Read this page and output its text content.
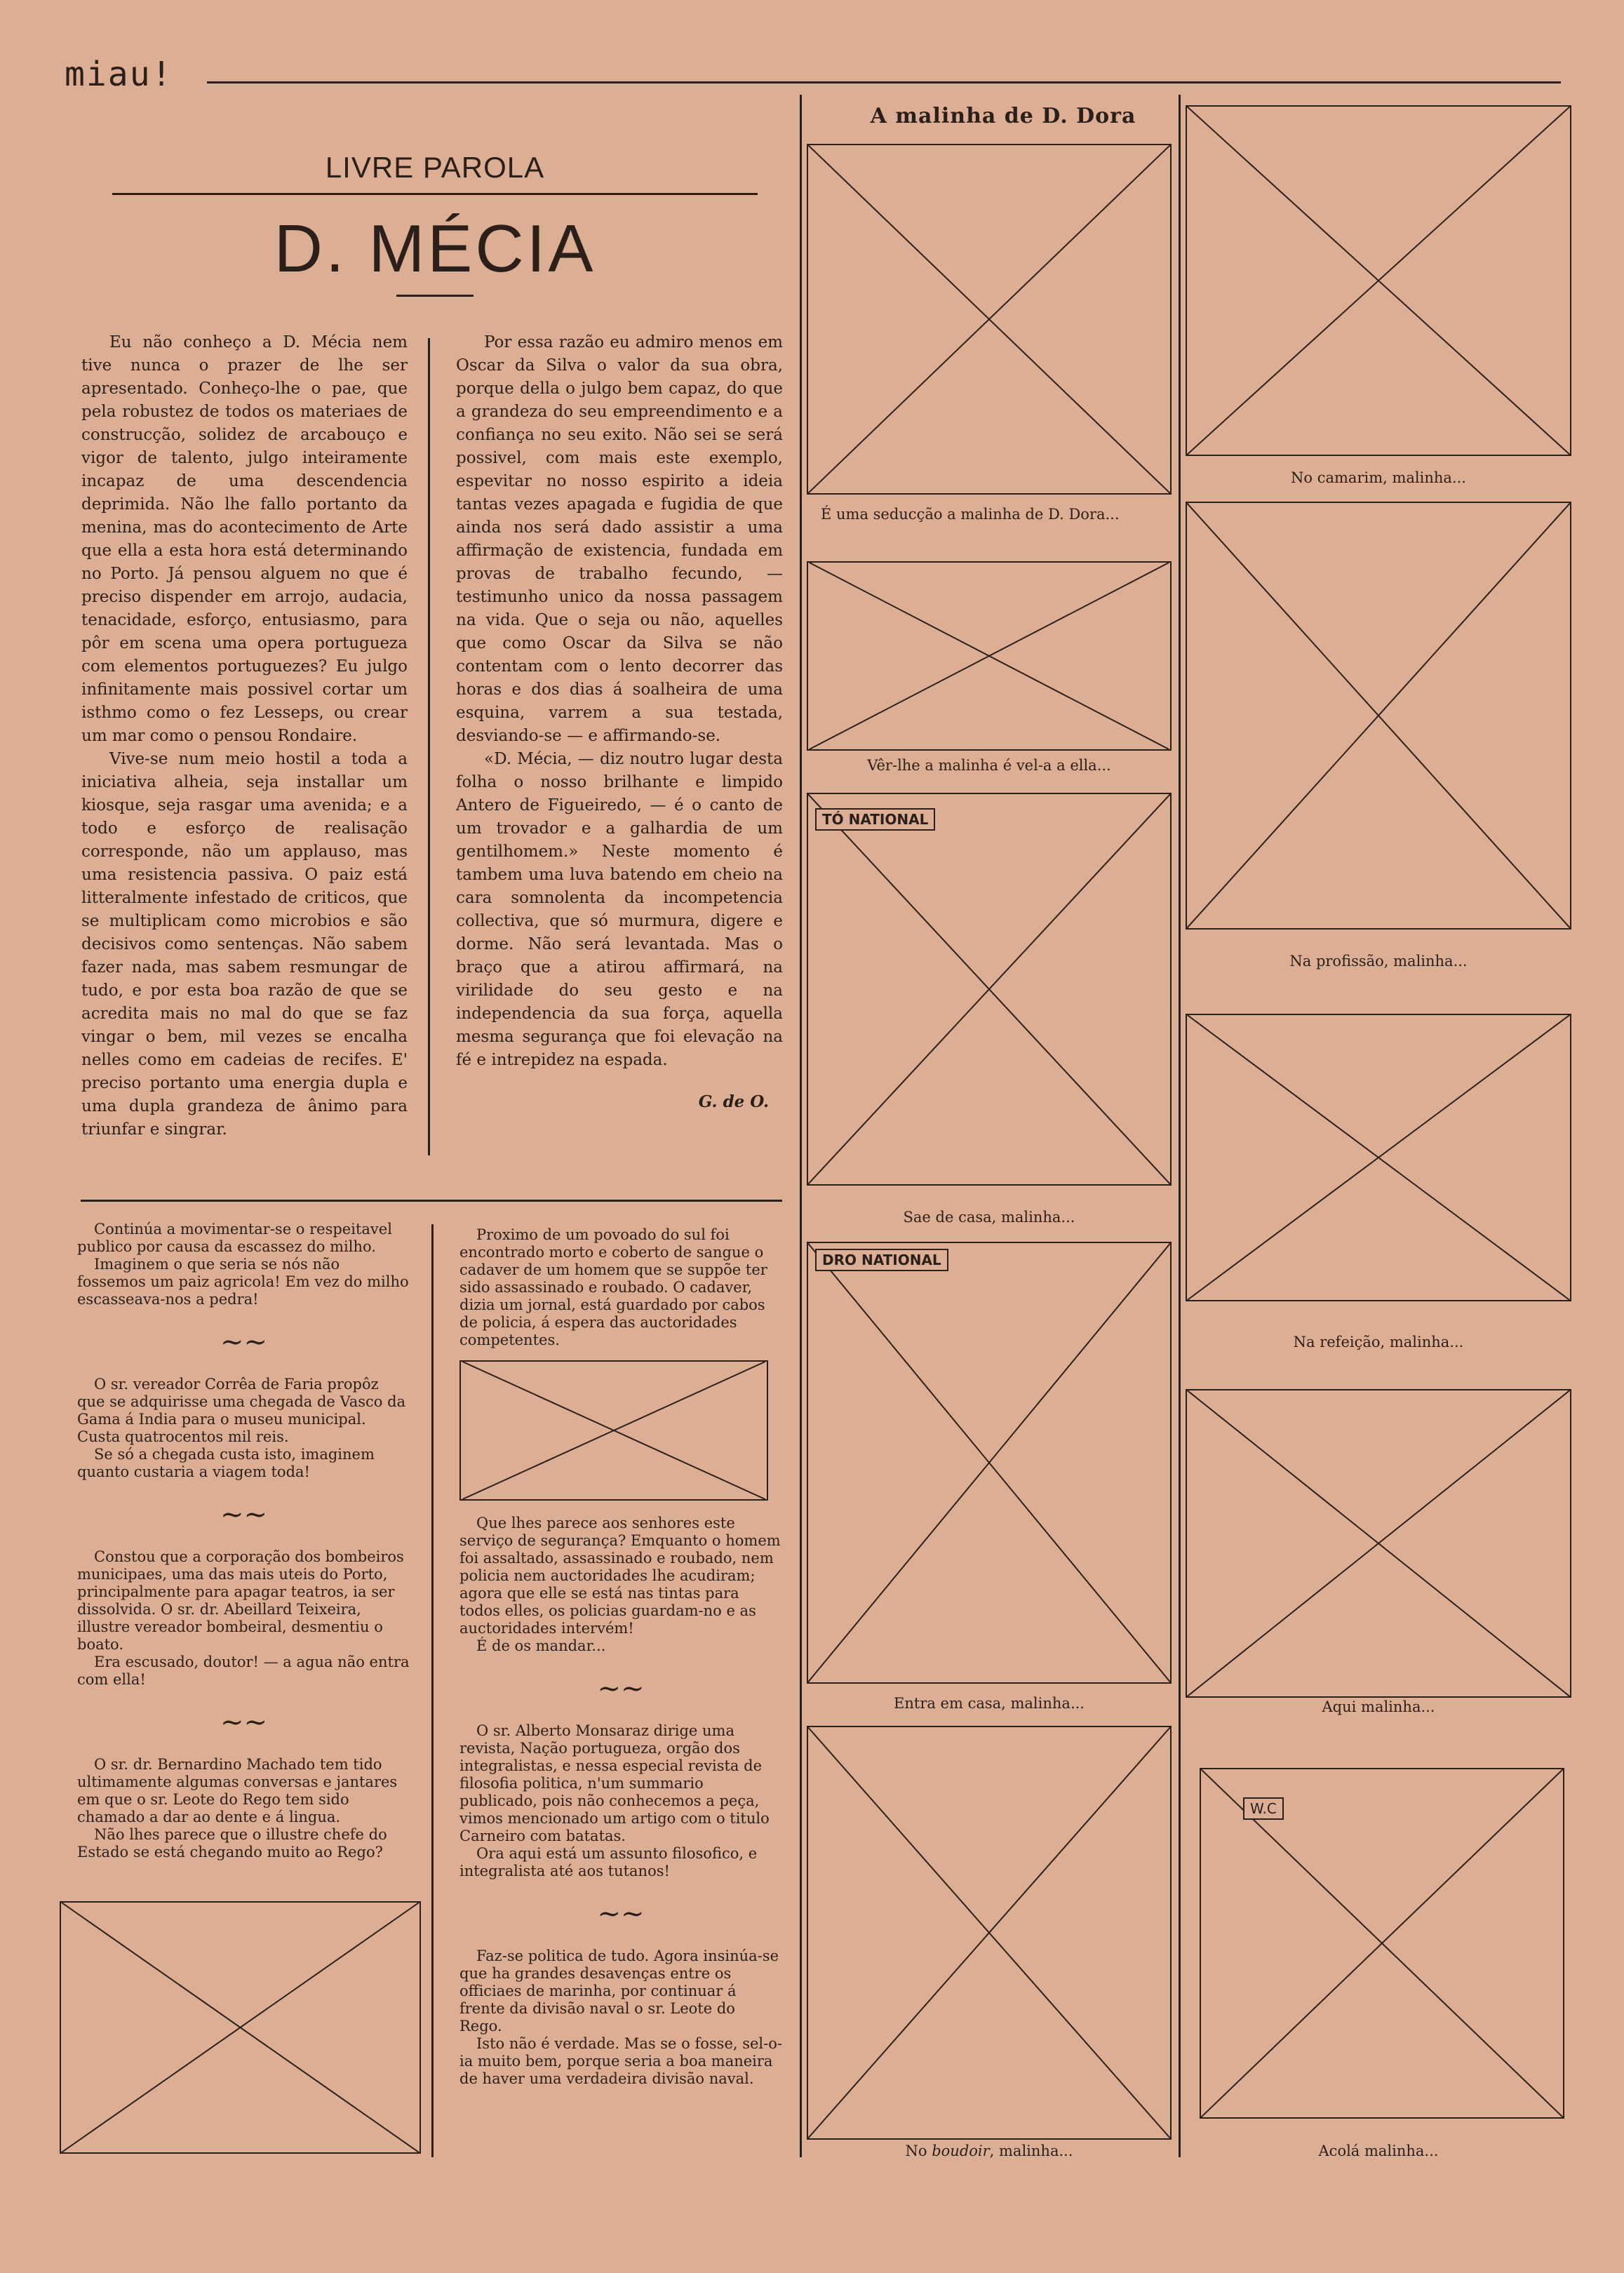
miau!
LIVRE PAROLA
D. MÉCIA

Eu não conheço a D. Mécia nem tive nunca o prazer de lhe ser apresentado. Conheço-lhe o pae, que pela robustez de todos os materiaes de construcção, solidez de arcabouço e vigor de talento, julgo inteiramente incapaz de uma descendencia deprimida. Não lhe fallo portanto da menina, mas do acontecimento de Arte que ella a esta hora está determinando no Porto. Já pensou alguem no que é preciso dispender em arrojo, audacia, tenacidade, esforço, entusiasmo, para pôr em scena uma opera portugueza com elementos portuguezes? Eu julgo infinitamente mais possivel cortar um isthmo como o fez Lesseps, ou crear um mar como o pensou Rondaire.

Vive-se num meio hostil a toda a iniciativa alheia, seja installar um kiosque, seja rasgar uma avenida; e a todo e esforço de realisação corresponde, não um applauso, mas uma resistencia passiva. O paiz está litteralmente infestado de criticos, que se multiplicam como microbios e são decisivos como sentenças. Não sabem fazer nada, mas sabem resmungar de tudo, e por esta boa razão de que se acredita mais no mal do que se faz vingar o bem, mil vezes se encalha nelles como em cadeias de recifes. E' preciso portanto uma energia dupla e uma dupla grandeza de ânimo para triunfar e singrar.

Por essa razão eu admiro menos em Oscar da Silva o valor da sua obra, porque della o julgo bem capaz, do que a grandeza do seu empreendimento e a confiança no seu exito. Não sei se será possivel, com mais este exemplo, espevitar no nosso espirito a ideia tantas vezes apagada e fugidia de que ainda nos será dado assistir a uma affirmação de existencia, fundada em provas de trabalho fecundo, — testimunho unico da nossa passagem na vida. Que o seja ou não, aquelles que como Oscar da Silva se não contentam com o lento decorrer das horas e dos dias á soalheira de uma esquina, varrem a sua testada, desviando-se — e affirmando-se.

«D. Mécia, — diz noutro lugar desta folha o nosso brilhante e limpido Antero de Figueiredo, — é o canto de um trovador e a galhardia de um gentilhomem.» Neste momento é tambem uma luva batendo em cheio na cara somnolenta da incompetencia collectiva, que só murmura, digere e dorme. Não será levantada. Mas o braço que a atirou affirmará, na virilidade do seu gesto e na independencia da sua força, aquella mesma segurança que foi elevação na fé e intrepidez na espada.

G. de O.

Continúa a movimentar-se o respeitavel publico por causa da escassez do milho.

Imaginem o que seria se nós não fossemos um paiz agricola! Em vez do milho escasseava-nos a pedra!

~~

O sr. vereador Corrêa de Faria propôz que se adquirisse uma chegada de Vasco da Gama á India para o museu municipal. Custa quatrocentos mil reis.

Se só a chegada custa isto, imaginem quanto custaria a viagem toda!

~~

Constou que a corporação dos bombeiros municipaes, uma das mais uteis do Porto, principalmente para apagar teatros, ia ser dissolvida. O sr. dr. Abeillard Teixeira, illustre vereador bombeiral, desmentiu o boato.

Era escusado, doutor! — a agua não entra com ella!

~~

O sr. dr. Bernardino Machado tem tido ultimamente algumas conversas e jantares em que o sr. Leote do Rego tem sido chamado a dar ao dente e á lingua.

Não lhes parece que o illustre chefe do Estado se está chegando muito ao Rego?

Proximo de um povoado do sul foi encontrado morto e coberto de sangue o cadaver de um homem que se suppõe ter sido assassinado e roubado. O cadaver, dizia um jornal, está guardado por cabos de policia, á espera das auctoridades competentes.

Que lhes parece aos senhores este serviço de segurança? Emquanto o homem foi assaltado, assassinado e roubado, nem policia nem auctoridades lhe acudiram; agora que elle se está nas tintas para todos elles, os policias guardam-no e as auctoridades intervém!

É de os mandar...

~~

O sr. Alberto Monsaraz dirige uma revista, Nação portugueza, orgão dos integralistas, e nessa especial revista de filosofia politica, n'um summario publicado, pois não conhecemos a peça, vimos mencionado um artigo com o titulo Carneiro com batatas.

Ora aqui está um assunto filosofico, e integralista até aos tutanos!

~~

Faz-se politica de tudo. Agora insinúa-se que ha grandes desavenças entre os officiaes de marinha, por continuar á frente da divisão naval o sr. Leote do Rego.

Isto não é verdade. Mas se o fosse, sel-o-ia muito bem, porque seria a boa maneira de haver uma verdadeira divisão naval.

A malinha de D. Dora
É uma seducção a malinha de D. Dora...
Vêr-lhe a malinha é vel-a a ella...
TÓ NATIONAL
Sae de casa, malinha...
DRO NATIONAL
Entra em casa, malinha...
No boudoir, malinha...
No camarim, malinha...
Na profissão, malinha...
Na refeição, malinha...
Aqui malinha...
W.C
Acolá malinha...
